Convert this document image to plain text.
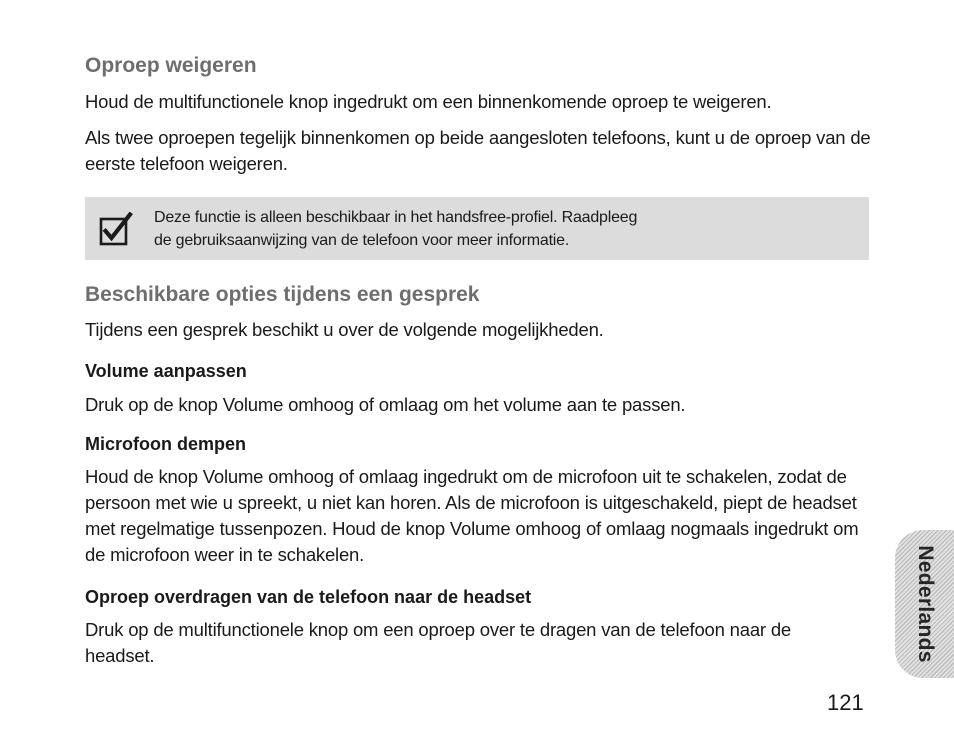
Oproep weigeren

Houd de multifunctionele knop ingedrukt om een binnenkomende oproep te weigeren.

Als twee oproepen tegelijk binnenkomen op beide aangesloten telefoons, kunt u de oproep van de eerste telefoon weigeren.

Deze functie is alleen beschikbaar in het handsfree-profiel. Raadpleeg
de gebruiksaanwijzing van de telefoon voor meer informatie.

Beschikbare opties tijdens een gesprek

Tijdens een gesprek beschikt u over de volgende mogelijkheden.

Volume aanpassen

Druk op de knop Volume omhoog of omlaag om het volume aan te passen.

Microfoon dempen

Houd de knop Volume omhoog of omlaag ingedrukt om de microfoon uit te schakelen, zodat de persoon met wie u spreekt, u niet kan horen. Als de microfoon is uitgeschakeld, piept de headset met regelmatige tussenpozen. Houd de knop Volume omhoog of omlaag nogmaals ingedrukt om de microfoon weer in te schakelen.

Oproep overdragen van de telefoon naar de headset

Druk op de multifunctionele knop om een oproep over te dragen van de telefoon naar de headset.	Nederlands

121
